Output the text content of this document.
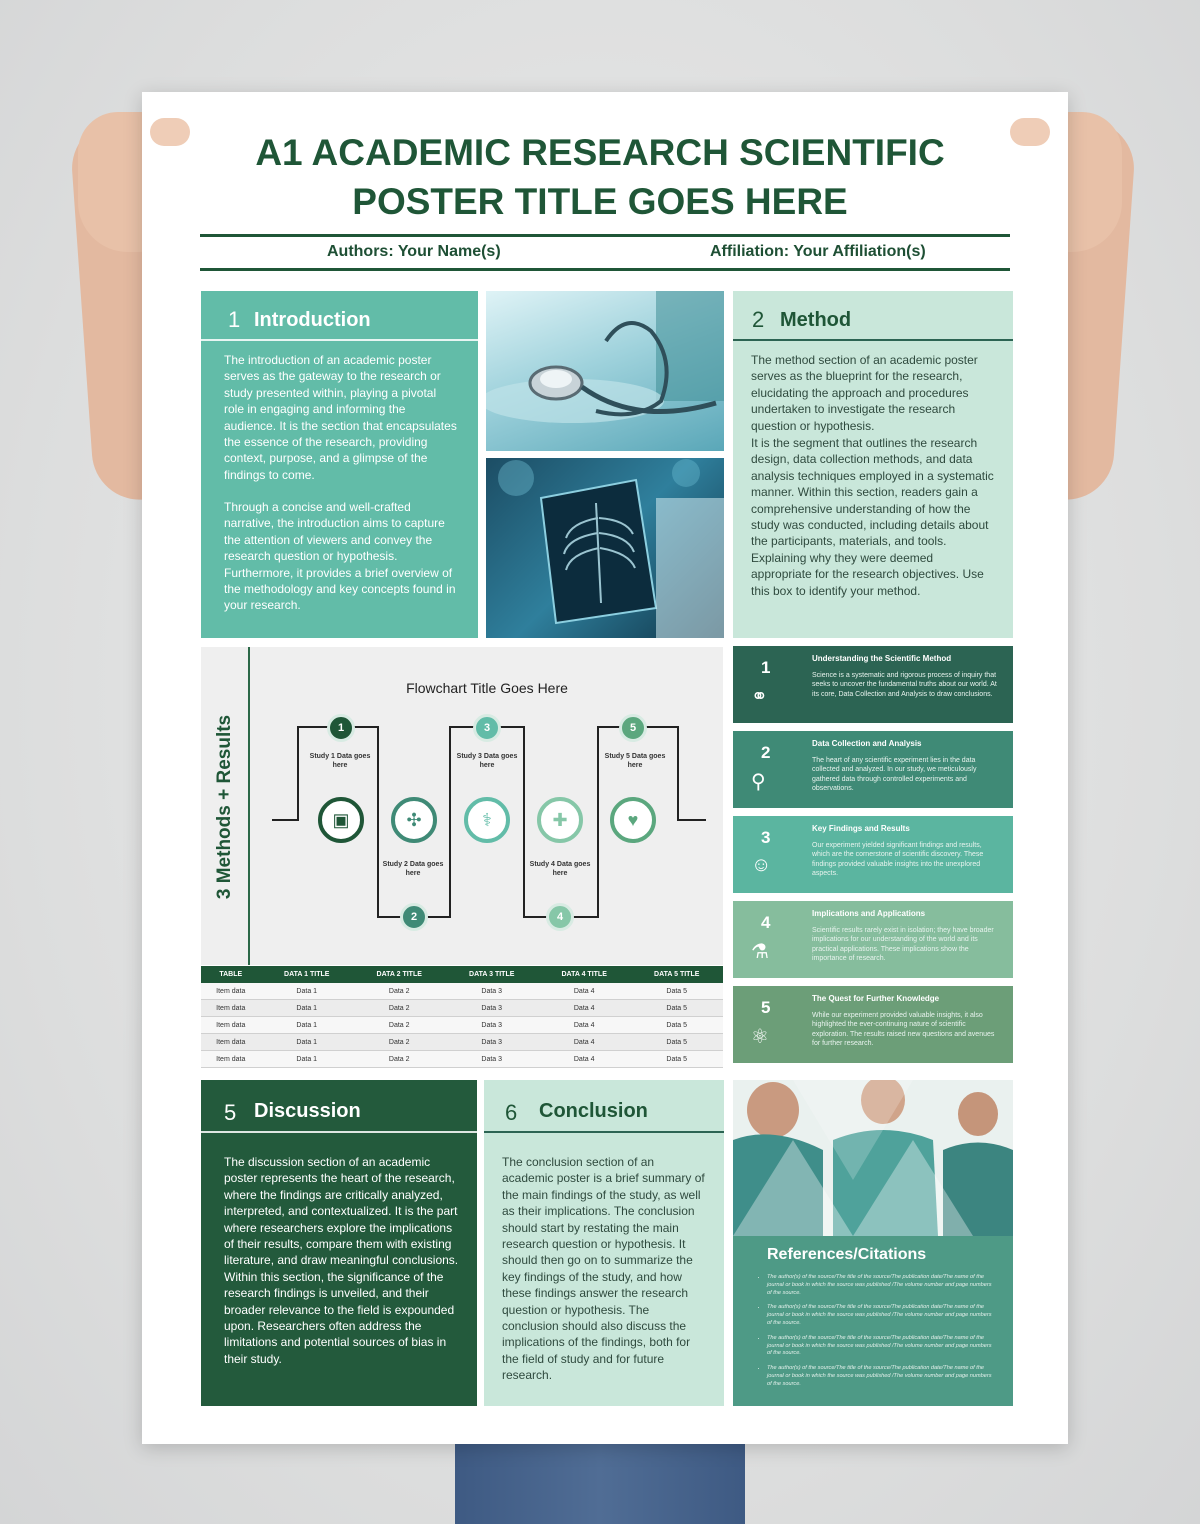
A1 ACADEMIC RESEARCH SCIENTIFIC
POSTER TITLE GOES HERE
Authors: Your Name(s)	Affiliation: Your Affiliation(s)
1 Introduction

The introduction of an academic poster serves as the gateway to the research or study presented within, playing a pivotal role in engaging and informing the audience. It is the section that encapsulates the essence of the research, providing context, purpose, and a glimpse of the findings to come.

Through a concise and well-crafted narrative, the introduction aims to capture the attention of viewers and convey the research question or hypothesis. Furthermore, it provides a brief overview of the methodology and key concepts found in your research.

2 Method

The method section of an academic poster serves as the blueprint for the research, elucidating the approach and procedures undertaken to investigate the research question or hypothesis.

It is the segment that outlines the research design, data collection methods, and data analysis techniques employed in a systematic manner. Within this section, readers gain a comprehensive understanding of how the study was conducted, including details about the participants, materials, and tools. Explaining why they were deemed appropriate for the research objectives. Use this box to identify your method.

3 Methods + Results
Flowchart Title Goes Here
1
2
3
4
5
Study 1 Data goes here
Study 2 Data goes here
Study 3 Data goes here
Study 4 Data goes here
Study 5 Data goes here
▣	✣	⚕	✚	♥
TABLE	DATA 1 TITLE	DATA 2 TITLE	DATA 3 TITLE	DATA 4 TITLE	DATA 5 TITLE
Item data	Data 1	Data 2	Data 3	Data 4	Data 5
Item data	Data 1	Data 2	Data 3	Data 4	Data 5
Item data	Data 1	Data 2	Data 3	Data 4	Data 5
Item data	Data 1	Data 2	Data 3	Data 4	Data 5
Item data	Data 1	Data 2	Data 3	Data 4	Data 5
1
⚭
Understanding the Scientific Method

Science is a systematic and rigorous process of inquiry that seeks to uncover the fundamental truths about our world. At its core, Data Collection and Analysis to draw conclusions.

2
⚲
Data Collection and Analysis

The heart of any scientific experiment lies in the data collected and analyzed. In our study, we meticulously gathered data through controlled experiments and observations.

3
☺
Key Findings and Results

Our experiment yielded significant findings and results, which are the cornerstone of scientific discovery. These findings provided valuable insights into the unexplored aspects.

4
⚗
Implications and Applications

Scientific results rarely exist in isolation; they have broader implications for our understanding of the world and its practical applications. These implications show the importance of research.

5
⚛
The Quest for Further Knowledge

While our experiment provided valuable insights, it also highlighted the ever-continuing nature of scientific exploration. The results raised new questions and avenues for further research.

5 Discussion

The discussion section of an academic poster represents the heart of the research, where the findings are critically analyzed, interpreted, and contextualized. It is the part where researchers explore the implications of their results, compare them with existing literature, and draw meaningful conclusions. Within this section, the significance of the research findings is unveiled, and their broader relevance to the field is expounded upon. Researchers often address the limitations and potential sources of bias in their study.

6 Conclusion

The conclusion section of an academic poster is a brief summary of the main findings of the study, as well as their implications. The conclusion should start by restating the main research question or hypothesis. It should then go on to summarize the key findings of the study, and how these findings answer the research question or hypothesis. The conclusion should also discuss the implications of the findings, both for the field of study and for future research.

References/Citations
• The author(s) of the source/The title of the source/The publication date/The name of the journal or book in which the source was published /The volume number and page numbers of the source.
• The author(s) of the source/The title of the source/The publication date/The name of the journal or book in which the source was published /The volume number and page numbers of the source.
• The author(s) of the source/The title of the source/The publication date/The name of the journal or book in which the source was published /The volume number and page numbers of the source.
• The author(s) of the source/The title of the source/The publication date/The name of the journal or book in which the source was published /The volume number and page numbers of the source.
